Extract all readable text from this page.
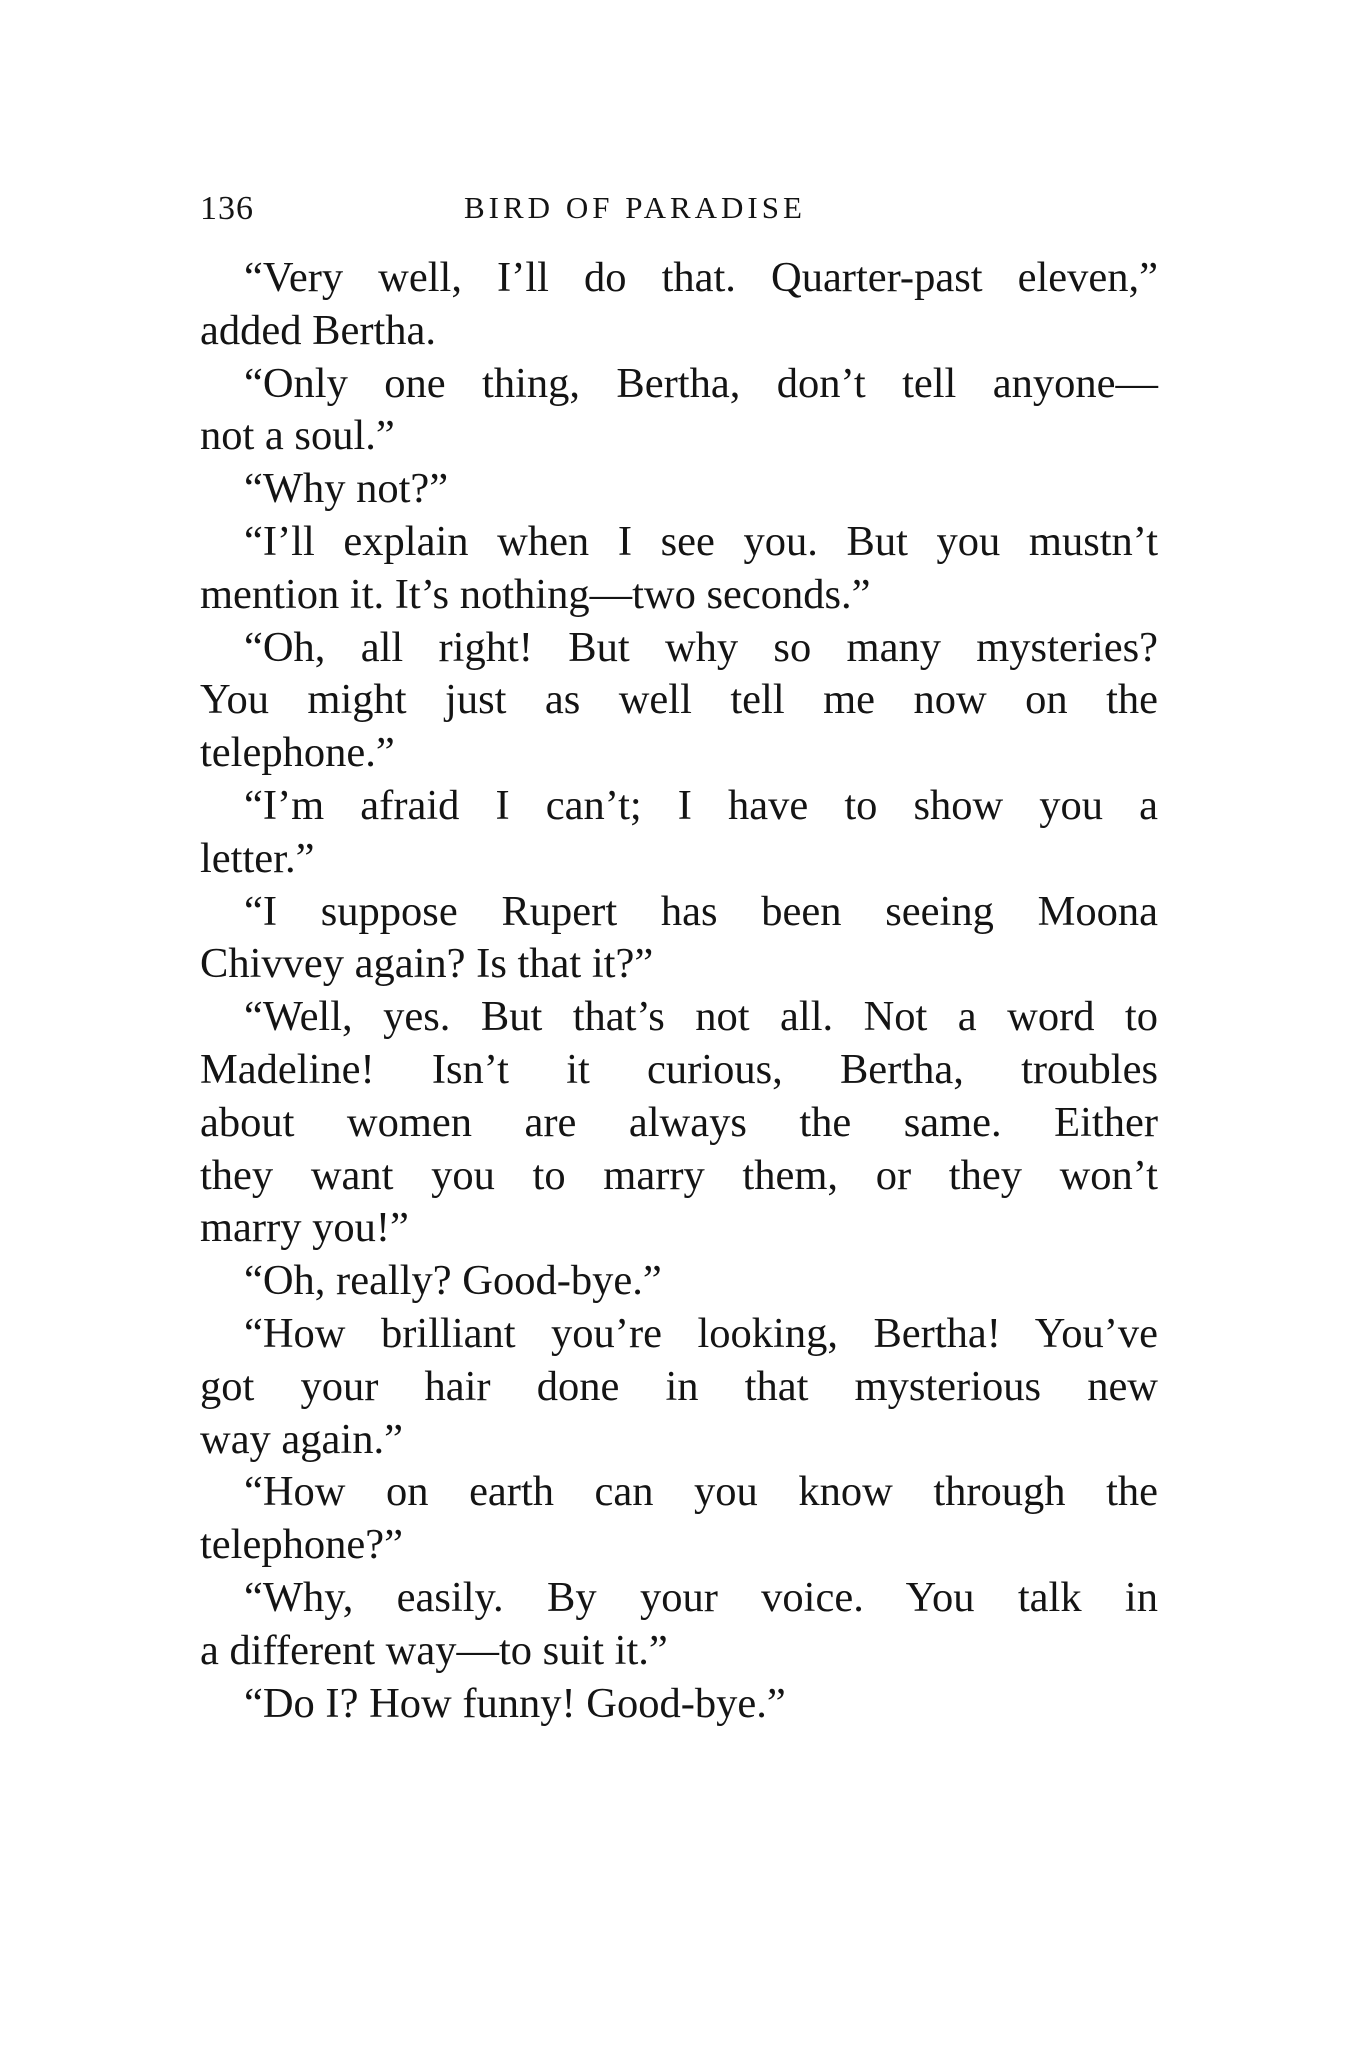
136	BIRD OF PARADISE
“Very well, I’ll do that. Quarter-past eleven,”
added Bertha.
“Only one thing, Bertha, don’t tell anyone—
not a soul.”
“Why not?”
“I’ll explain when I see you. But you mustn’t
mention it. It’s nothing—two seconds.”
“Oh, all right! But why so many mysteries?
You might just as well tell me now on the
telephone.”
“I’m afraid I can’t; I have to show you a
letter.”
“I suppose Rupert has been seeing Moona
Chivvey again? Is that it?”
“Well, yes. But that’s not all. Not a word to
Madeline! Isn’t it curious, Bertha, troubles
about women are always the same. Either
they want you to marry them, or they won’t
marry you!”
“Oh, really? Good-bye.”
“How brilliant you’re looking, Bertha! You’ve
got your hair done in that mysterious new
way again.”
“How on earth can you know through the
telephone?”
“Why, easily. By your voice. You talk in
a different way—to suit it.”
“Do I? How funny! Good-bye.”
